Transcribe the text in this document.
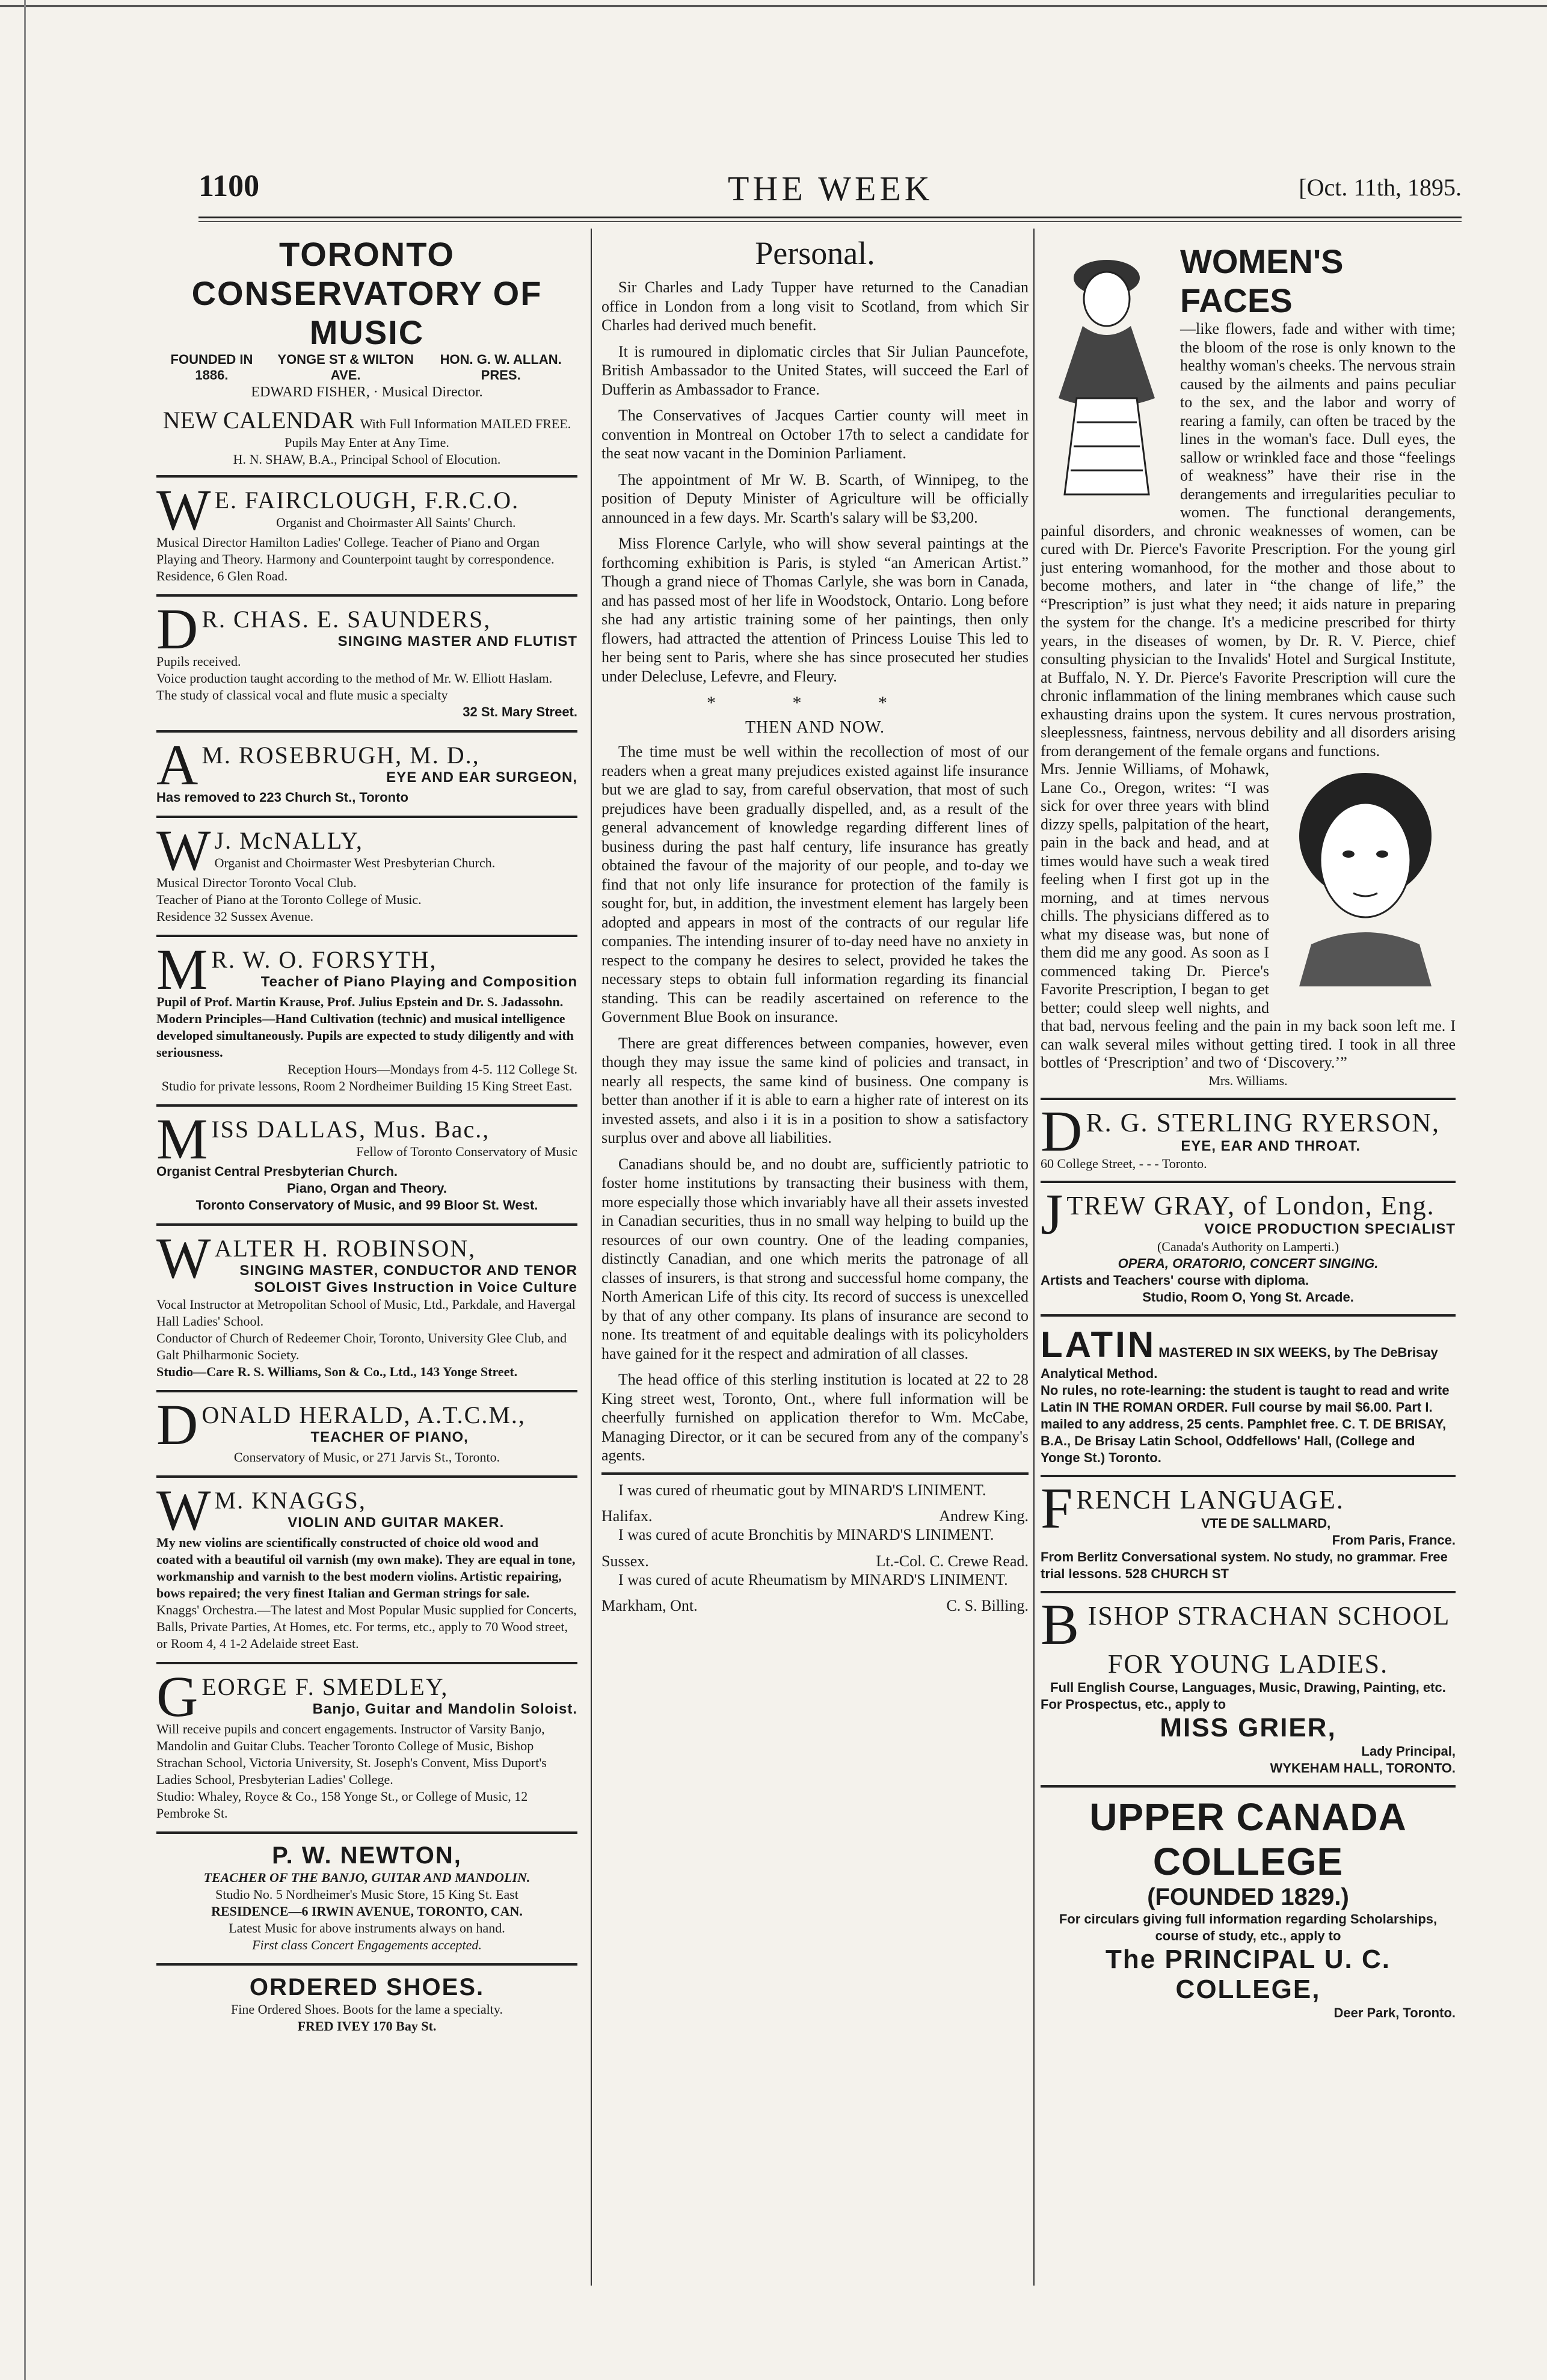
1100	THE WEEK	[Oct. 11th, 1895.
TORONTO CONSERVATORY OF MUSIC
FOUNDED IN 1886.
YONGE ST & WILTON AVE.
HON. G. W. ALLAN. PRES.
EDWARD FISHER, · Musical Director.
NEW CALENDAR With Full Information MAILED FREE.
Pupils May Enter at Any Time.
H. N. SHAW, B.A., Principal School of Elocution.
W E. FAIRCLOUGH, F.R.C.O.
Organist and Choirmaster All Saints' Church.
Musical Director Hamilton Ladies' College. Teacher of Piano and Organ Playing and Theory. Harmony and Counterpoint taught by correspondence.
Residence, 6 Glen Road.
D R. CHAS. E. SAUNDERS,
SINGING MASTER AND FLUTIST
Pupils received.
Voice production taught according to the method of Mr. W. Elliott Haslam.
The study of classical vocal and flute music a specialty
32 St. Mary Street.
A M. ROSEBRUGH, M. D.,
EYE AND EAR SURGEON,
Has removed to 223 Church St., Toronto
W J. McNALLY,
Organist and Choirmaster West Presbyterian Church.
Musical Director Toronto Vocal Club.
Teacher of Piano at the Toronto College of Music.
Residence 32 Sussex Avenue.
M R. W. O. FORSYTH,
Teacher of Piano Playing and Composition
Pupil of Prof. Martin Krause, Prof. Julius Epstein and Dr. S. Jadassohn. Modern Principles—Hand Cultivation (technic) and musical intelligence developed simultaneously. Pupils are expected to study diligently and with seriousness.
Reception Hours—Mondays from 4-5. 112 College St.
Studio for private lessons, Room 2 Nordheimer Building 15 King Street East.
M ISS DALLAS, Mus. Bac.,
Fellow of Toronto Conservatory of Music
Organist Central Presbyterian Church.
Piano, Organ and Theory.
Toronto Conservatory of Music, and 99 Bloor St. West.
W ALTER H. ROBINSON,
SINGING MASTER, CONDUCTOR AND TENOR SOLOIST Gives Instruction in Voice Culture
Vocal Instructor at Metropolitan School of Music, Ltd., Parkdale, and Havergal Hall Ladies' School.
Conductor of Church of Redeemer Choir, Toronto, University Glee Club, and Galt Philharmonic Society.
Studio—Care R. S. Williams, Son & Co., Ltd., 143 Yonge Street.
D ONALD HERALD, A.T.C.M.,
TEACHER OF PIANO,
Conservatory of Music, or 271 Jarvis St., Toronto.
W M. KNAGGS,
VIOLIN AND GUITAR MAKER.
My new violins are scientifically constructed of choice old wood and coated with a beautiful oil varnish (my own make). They are equal in tone, workmanship and varnish to the best modern violins. Artistic repairing, bows repaired; the very finest Italian and German strings for sale.
Knaggs' Orchestra.—The latest and Most Popular Music supplied for Concerts, Balls, Private Parties, At Homes, etc. For terms, etc., apply to 70 Wood street, or Room 4, 4 1-2 Adelaide street East.
G EORGE F. SMEDLEY,
Banjo, Guitar and Mandolin Soloist.
Will receive pupils and concert engagements. Instructor of Varsity Banjo, Mandolin and Guitar Clubs. Teacher Toronto College of Music, Bishop Strachan School, Victoria University, St. Joseph's Convent, Miss Duport's Ladies School, Presbyterian Ladies' College.
Studio: Whaley, Royce & Co., 158 Yonge St., or College of Music, 12 Pembroke St.
P. W. NEWTON,
TEACHER OF THE BANJO, GUITAR AND MANDOLIN.
Studio No. 5 Nordheimer's Music Store, 15 King St. East
RESIDENCE—6 IRWIN AVENUE, TORONTO, CAN.
Latest Music for above instruments always on hand.
First class Concert Engagements accepted.
ORDERED SHOES.
Fine Ordered Shoes. Boots for the lame a specialty.
FRED IVEY 170 Bay St.
Personal.

Sir Charles and Lady Tupper have returned to the Canadian office in London from a long visit to Scotland, from which Sir Charles had derived much benefit.

It is rumoured in diplomatic circles that Sir Julian Pauncefote, British Ambassador to the United States, will succeed the Earl of Dufferin as Ambassador to France.

The Conservatives of Jacques Cartier county will meet in convention in Montreal on October 17th to select a candidate for the seat now vacant in the Dominion Parliament.

The appointment of Mr W. B. Scarth, of Winnipeg, to the position of Deputy Minister of Agriculture will be officially announced in a few days. Mr. Scarth's salary will be $3,200.

Miss Florence Carlyle, who will show several paintings at the forthcoming exhibition is Paris, is styled “an American Artist.” Though a grand niece of Thomas Carlyle, she was born in Canada, and has passed most of her life in Woodstock, Ontario. Long before she had any artistic training some of her paintings, then only flowers, had attracted the attention of Princess Louise This led to her being sent to Paris, where she has since prosecuted her studies under Delecluse, Lefevre, and Fleury.

* * *
THEN AND NOW.

The time must be well within the recollection of most of our readers when a great many prejudices existed against life insurance but we are glad to say, from careful observation, that most of such prejudices have been gradually dispelled, and, as a result of the general advancement of knowledge regarding different lines of business during the past half century, life insurance has greatly obtained the favour of the majority of our people, and to-day we find that not only life insurance for protection of the family is sought for, but, in addition, the investment element has largely been adopted and appears in most of the contracts of our regular life companies. The intending insurer of to-day need have no anxiety in respect to the company he desires to select, provided he takes the necessary steps to obtain full information regarding its financial standing. This can be readily ascertained on reference to the Government Blue Book on insurance.

There are great differences between companies, however, even though they may issue the same kind of policies and transact, in nearly all respects, the same kind of business. One company is better than another if it is able to earn a higher rate of interest on its invested assets, and also i it is in a position to show a satisfactory surplus over and above all liabilities.

Canadians should be, and no doubt are, sufficiently patriotic to foster home institutions by transacting their business with them, more especially those which invariably have all their assets invested in Canadian securities, thus in no small way helping to build up the resources of our own country. One of the leading companies, distinctly Canadian, and one which merits the patronage of all classes of insurers, is that strong and successful home company, the North American Life of this city. Its record of success is unexcelled by that of any other company. Its plans of insurance are second to none. Its treatment of and equitable dealings with its policyholders have gained for it the respect and admiration of all classes.

The head office of this sterling institution is located at 22 to 28 King street west, Toronto, Ont., where full information will be cheerfully furnished on application therefor to Wm. McCabe, Managing Director, or it can be secured from any of the company's agents.

I was cured of rheumatic gout by MINARD'S LINIMENT.

Halifax.	Andrew King.

I was cured of acute Bronchitis by MINARD'S LINIMENT.

Sussex.	Lt.-Col. C. Crewe Read.

I was cured of acute Rheumatism by MINARD'S LINIMENT.

Markham, Ont.	C. S. Billing.
WOMEN'S FACES
—like flowers, fade and wither with time; the bloom of the rose is only known to the healthy woman's cheeks. The nervous strain caused by the ailments and pains peculiar to the sex, and the labor and worry of rearing a family, can often be traced by the lines in the woman's face. Dull eyes, the sallow or wrinkled face and those “feelings of weakness” have their rise in the derangements and irregularities peculiar to women. The functional derangements, painful disorders, and chronic weaknesses of women, can be cured with Dr. Pierce's Favorite Prescription. For the young girl just entering womanhood, for the mother and those about to become mothers, and later in “the change of life,” the “Prescription” is just what they need; it aids nature in preparing the system for the change. It's a medicine prescribed for thirty years, in the diseases of women, by Dr. R. V. Pierce, chief consulting physician to the Invalids' Hotel and Surgical Institute, at Buffalo, N. Y. Dr. Pierce's Favorite Prescription will cure the chronic inflammation of the lining membranes which cause such exhausting drains upon the system. It cures nervous prostration, sleeplessness, faintness, nervous debility and all disorders arising from derangement of the female organs and functions.
Mrs. Jennie Williams, of Mohawk, Lane Co., Oregon, writes: “I was sick for over three years with blind dizzy spells, palpitation of the heart, pain in the back and head, and at times would have such a weak tired feeling when I first got up in the morning, and at times nervous chills. The physicians differed as to what my disease was, but none of them did me any good. As soon as I commenced taking Dr. Pierce's Favorite Prescription, I began to get better; could sleep well nights, and that bad, nervous feeling and the pain in my back soon left me. I can walk several miles without getting tired. I took in all three bottles of ‘Prescription’ and two of ‘Discovery.’”
Mrs. Williams.
D R. G. STERLING RYERSON,
EYE, EAR AND THROAT.
60 College Street, - - - Toronto.
J TREW GRAY, of London, Eng.
VOICE PRODUCTION SPECIALIST
(Canada's Authority on Lamperti.)
OPERA, ORATORIO, CONCERT SINGING.
Artists and Teachers' course with diploma.
Studio, Room O, Yong St. Arcade.
LATIN MASTERED IN SIX WEEKS, by The DeBrisay Analytical Method.
No rules, no rote-learning: the student is taught to read and write Latin IN THE ROMAN ORDER. Full course by mail $6.00. Part I. mailed to any address, 25 cents. Pamphlet free. C. T. DE BRISAY, B.A., De Brisay Latin School, Oddfellows' Hall, (College and Yonge St.) Toronto.
F RENCH LANGUAGE.
VTE DE SALLMARD,
From Paris, France.
From Berlitz Conversational system. No study, no grammar. Free trial lessons. 528 CHURCH ST
B ISHOP STRACHAN SCHOOL
FOR YOUNG LADIES.
Full English Course, Languages, Music, Drawing, Painting, etc.
For Prospectus, etc., apply to
MISS GRIER,
Lady Principal,
WYKEHAM HALL, TORONTO.
UPPER CANADA COLLEGE
(FOUNDED 1829.)
For circulars giving full information regarding Scholarships, course of study, etc., apply to
The PRINCIPAL U. C. COLLEGE,
Deer Park, Toronto.
